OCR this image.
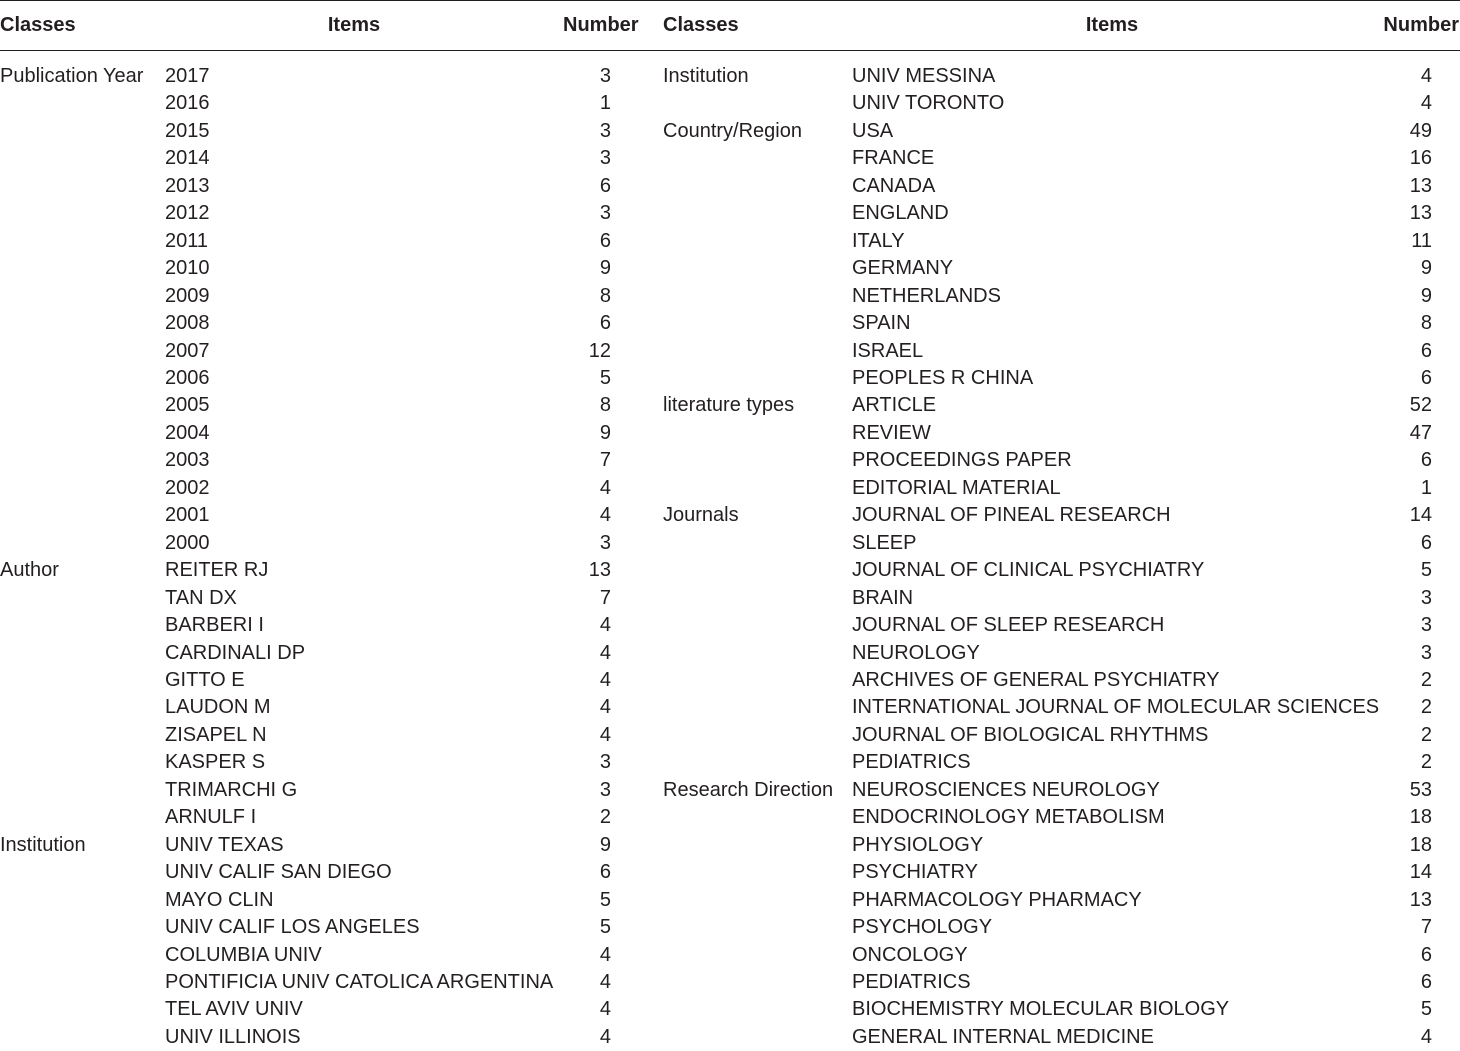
Classes	Items	Number	Classes	Items	Number
Publication Year	2017	3	Institution	UNIV MESSINA	4
	2016	1		UNIV TORONTO	4
	2015	3	Country/Region	USA	49
	2014	3		FRANCE	16
	2013	6		CANADA	13
	2012	3		ENGLAND	13
	2011	6		ITALY	11
	2010	9		GERMANY	9
	2009	8		NETHERLANDS	9
	2008	6		SPAIN	8
	2007	12		ISRAEL	6
	2006	5		PEOPLES R CHINA	6
	2005	8	literature types	ARTICLE	52
	2004	9		REVIEW	47
	2003	7		PROCEEDINGS PAPER	6
	2002	4		EDITORIAL MATERIAL	1
	2001	4	Journals	JOURNAL OF PINEAL RESEARCH	14
	2000	3		SLEEP	6
Author	REITER RJ	13		JOURNAL OF CLINICAL PSYCHIATRY	5
	TAN DX	7		BRAIN	3
	BARBERI I	4		JOURNAL OF SLEEP RESEARCH	3
	CARDINALI DP	4		NEUROLOGY	3
	GITTO E	4		ARCHIVES OF GENERAL PSYCHIATRY	2
	LAUDON M	4		INTERNATIONAL JOURNAL OF MOLECULAR SCIENCES	2
	ZISAPEL N	4		JOURNAL OF BIOLOGICAL RHYTHMS	2
	KASPER S	3		PEDIATRICS	2
	TRIMARCHI G	3	Research Direction	NEUROSCIENCES NEUROLOGY	53
	ARNULF I	2		ENDOCRINOLOGY METABOLISM	18
Institution	UNIV TEXAS	9		PHYSIOLOGY	18
	UNIV CALIF SAN DIEGO	6		PSYCHIATRY	14
	MAYO CLIN	5		PHARMACOLOGY PHARMACY	13
	UNIV CALIF LOS ANGELES	5		PSYCHOLOGY	7
	COLUMBIA UNIV	4		ONCOLOGY	6
	PONTIFICIA UNIV CATOLICA ARGENTINA	4		PEDIATRICS	6
	TEL AVIV UNIV	4		BIOCHEMISTRY MOLECULAR BIOLOGY	5
	UNIV ILLINOIS	4		GENERAL INTERNAL MEDICINE	4
